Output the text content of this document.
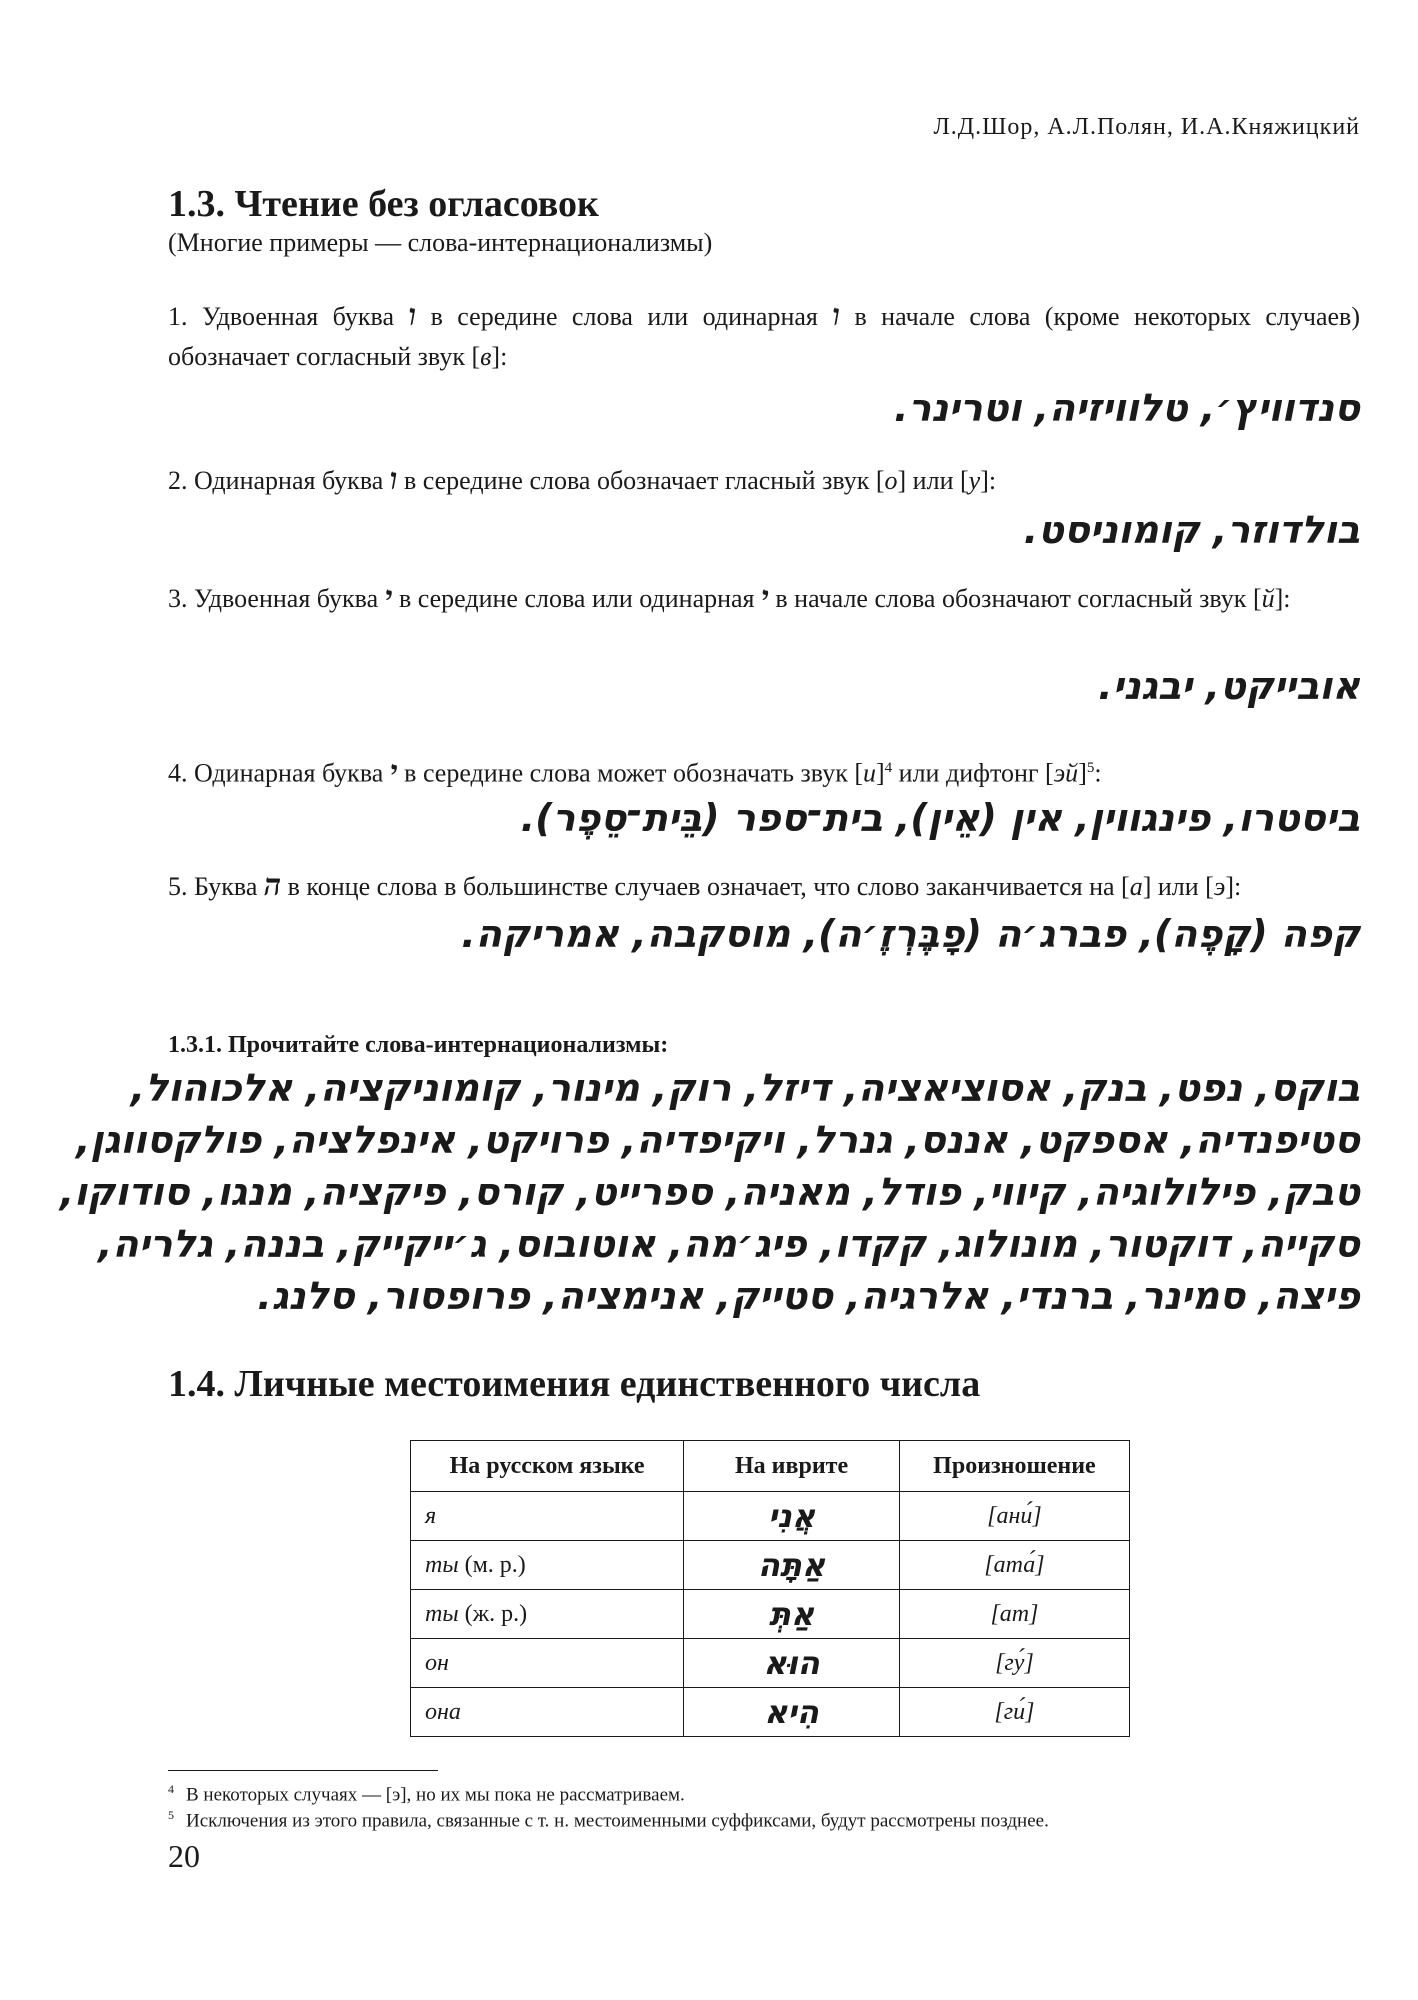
Л.Д.Шор, А.Л.Полян, И.А.Княжицкий
1.3. Чтение без огласовок
(Многие примеры — слова-интернационализмы)
1. Удвоенная буква ו в середине слова или одинарная ו в начале слова (кроме некоторых случаев) обозначает согласный звук [в]:
סנדוויץ׳, טלוויזיה, וטרינר.
2. Одинарная буква ו в середине слова обозначает гласный звук [о] или [у]:
בולדוזר, קומוניסט.
3. Удвоенная буква י в середине слова или одинарная י в начале слова обозначают согласный звук [й]:
אובייקט, יבגני.
4. Одинарная буква י в середине слова может обозначать звук $[и]^4$ или дифтонг [эй]$^5$:
ביסטרו, פינגווין, אין (אֵין), בית־ספר (בֵּית־סֵפֶר).
5. Буква ה в конце слова в большинстве случаев означает, что слово заканчивается на [а] или [э]:
קפה (קָפֶה), פברג׳ה (פָבֶּרְזֶ׳ה), מוסקבה, אמריקה.
1.3.1. Прочитайте слова-интернационализмы:
בוקס, נפט, בנק, אסוציאציה, דיזל, רוק, מינור, קומוניקציה, אלכוהול,
סטיפנדיה, אספקט, אננס, גנרל, ויקיפדיה, פרויקט, אינפלציה, פולקסווגן,
טבק, פילולוגיה, קיווי, פודל, מאניה, ספרייט, קורס, פיקציה, מנגו, סודוקו,
סקייה, דוקטור, מונולוג, קקדו, פיג׳מה, אוטובוס, ג׳ייקייק, בננה, גלריה,
פיצה, סמינר, ברנדי, אלרגיה, סטייק, אנימציה, פרופסור, סלנג.
1.4. Личные местоимения единственного числа
На русском языке	На иврите	Произношение
я	אֲנִי	[ани́]
ты (м. р.)	אַתָּה	[ата́]
ты (ж. р.)	אַתְּ	[ат]
он	הוּא	[гу́]
она	הִיא	[ги́]
$^4$ В некоторых случаях — [э], но их мы пока не рассматриваем.
$^5$ Исключения из этого правила, связанные с т. н. местоименными суффиксами, будут рассмотрены позднее.
20
